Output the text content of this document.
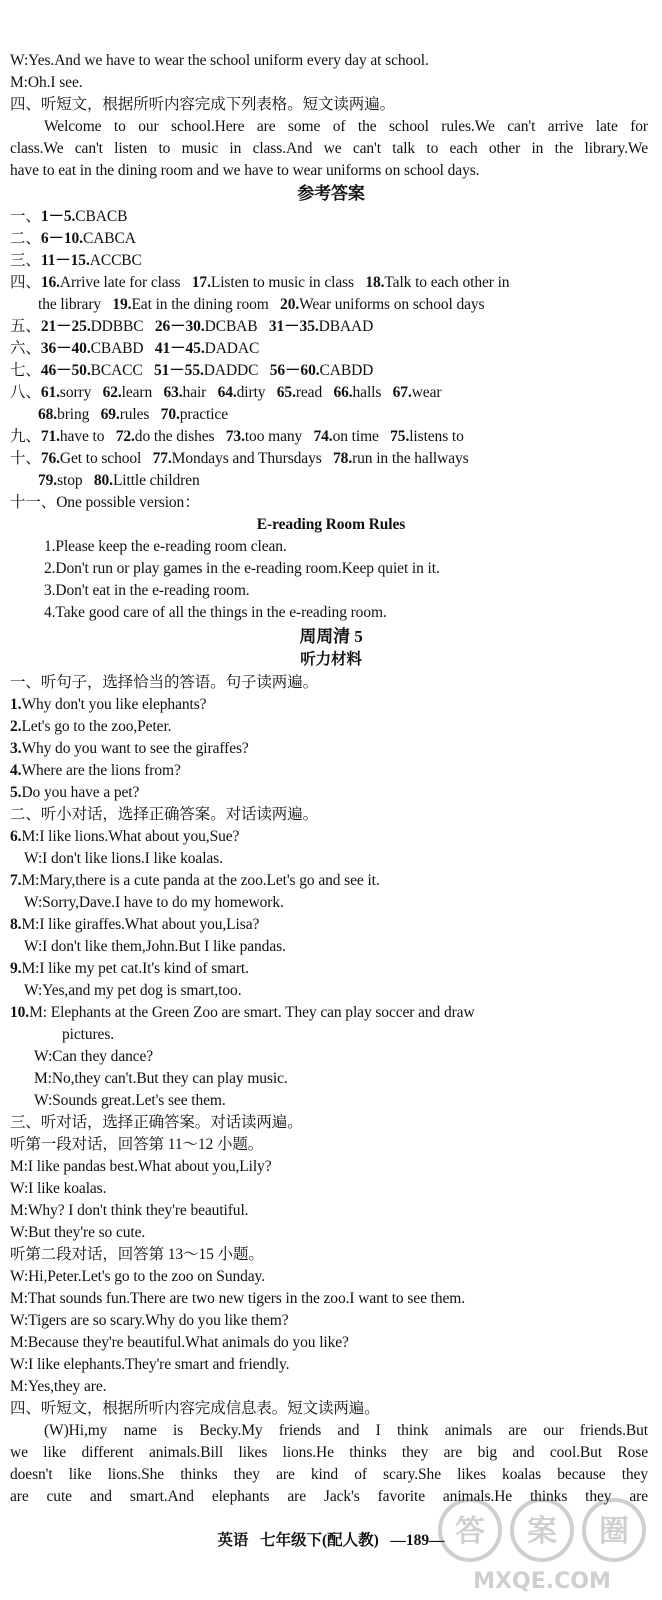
W:Yes.And we have to wear the school uniform every day at school.
M:Oh.I see.
四、听短文，根据所听内容完成下列表格。短文读两遍。
Welcome to our school.Here are some of the school rules.We can't arrive late for
class.We can't listen to music in class.And we can't talk to each other in the library.We
have to eat in the dining room and we have to wear uniforms on school days.
参考答案
一、1－5.CBACB
二、6－10.CABCA
三、11－15.ACCBC
四、16.Arrive late for class 17.Listen to music in class 18.Talk to each other in
the library 19.Eat in the dining room 20.Wear uniforms on school days
五、21－25.DDBBC 26－30.DCBAB 31－35.DBAAD
六、36－40.CBABD 41－45.DADAC
七、46－50.BCACC 51－55.DADDC 56－60.CABDD
八、61.sorry 62.learn 63.hair 64.dirty 65.read 66.halls 67.wear
68.bring 69.rules 70.practice
九、71.have to 72.do the dishes 73.too many 74.on time 75.listens to
十、76.Get to school 77.Mondays and Thursdays 78.run in the hallways
79.stop 80.Little children
十一、One possible version：
E-reading Room Rules
1.Please keep the e-reading room clean.
2.Don't run or play games in the e-reading room.Keep quiet in it.
3.Don't eat in the e-reading room.
4.Take good care of all the things in the e-reading room.
周周清 5
听力材料
一、听句子，选择恰当的答语。句子读两遍。
1.Why don't you like elephants?
2.Let's go to the zoo,Peter.
3.Why do you want to see the giraffes?
4.Where are the lions from?
5.Do you have a pet?
二、听小对话，选择正确答案。对话读两遍。
6.M:I like lions.What about you,Sue?
W:I don't like lions.I like koalas.
7.M:Mary,there is a cute panda at the zoo.Let's go and see it.
W:Sorry,Dave.I have to do my homework.
8.M:I like giraffes.What about you,Lisa?
W:I don't like them,John.But I like pandas.
9.M:I like my pet cat.It's kind of smart.
W:Yes,and my pet dog is smart,too.
10.M: Elephants at the Green Zoo are smart. They can play soccer and draw
pictures.
W:Can they dance?
M:No,they can't.But they can play music.
W:Sounds great.Let's see them.
三、听对话，选择正确答案。对话读两遍。
听第一段对话，回答第 11～12 小题。
M:I like pandas best.What about you,Lily?
W:I like koalas.
M:Why? I don't think they're beautiful.
W:But they're so cute.
听第二段对话，回答第 13～15 小题。
W:Hi,Peter.Let's go to the zoo on Sunday.
M:That sounds fun.There are two new tigers in the zoo.I want to see them.
W:Tigers are so scary.Why do you like them?
M:Because they're beautiful.What animals do you like?
W:I like elephants.They're smart and friendly.
M:Yes,they are.
四、听短文，根据所听内容完成信息表。短文读两遍。
(W)Hi,my name is Becky.My friends and I think animals are our friends.But
we like different animals.Bill likes lions.He thinks they are big and cool.But Rose
doesn't like lions.She thinks they are kind of scary.She likes koalas because they
are cute and smart.And elephants are Jack's favorite animals.He thinks they are
英语 七年级下(配人教) —189—
MXQE.COM
答 案 圈
